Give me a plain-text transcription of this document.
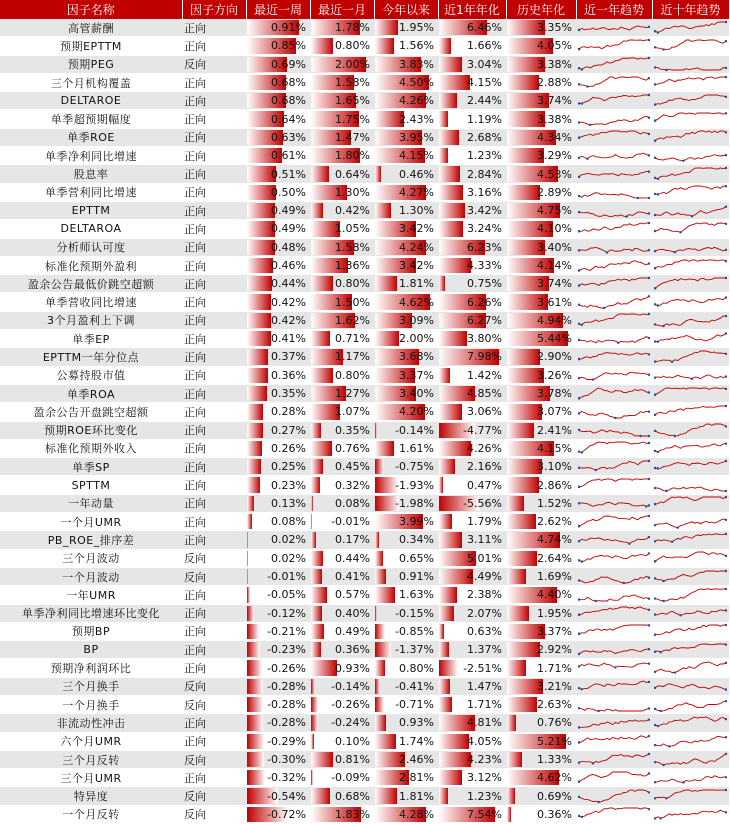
因子名称	因子方向	最近一周	最近一月	今年以来	近1年年化	历史年化	近一年趋势	近十年趋势
高管薪酬	正向	0.91%	1.78%	1.95%	6.46%	3.35%	

预期EPTTM	正向	0.85%	0.80%	1.56%	1.66%	4.05%	

预期PEG	反向	0.69%	2.00%	3.83%	3.04%	3.38%	

三个月机构覆盖	正向	0.68%	1.58%	4.50%	4.15%	2.88%	

DELTAROE	正向	0.68%	1.65%	4.26%	2.44%	3.74%	

单季超预期幅度	正向	0.64%	1.75%	2.43%	1.19%	3.38%	

单季ROE	正向	0.63%	1.47%	3.95%	2.68%	4.34%	

单季净利同比增速	正向	0.61%	1.80%	4.15%	1.23%	3.29%	

股息率	正向	0.51%	0.64%	0.46%	2.84%	4.53%	

单季营利同比增速	正向	0.50%	1.30%	4.27%	3.16%	2.89%	

EPTTM	正向	0.49%	0.42%	1.30%	3.42%	4.75%	

DELTAROA	正向	0.49%	1.05%	3.42%	3.24%	4.10%	

分析师认可度	正向	0.48%	1.58%	4.24%	6.23%	3.40%	

标准化预期外盈利	正向	0.46%	1.36%	3.42%	4.33%	4.14%	

盈余公告最低价跳空超额	正向	0.44%	0.80%	1.81%	0.75%	3.74%	

单季营收同比增速	正向	0.42%	1.50%	4.62%	6.26%	3.61%	

3个月盈利上下调	正向	0.42%	1.62%	3.09%	6.27%	4.94%	

单季EP	正向	0.41%	0.71%	2.00%	3.80%	5.44%	

EPTTM一年分位点	正向	0.37%	1.17%	3.68%	7.98%	2.90%	

公募持股市值	正向	0.36%	0.80%	3.37%	1.42%	3.26%	

单季ROA	正向	0.35%	1.27%	3.40%	4.85%	3.78%	

盈余公告开盘跳空超额	正向	0.28%	1.07%	4.20%	3.06%	3.07%	

预期ROE环比变化	正向	0.27%	0.35%	-0.14%	-4.77%	2.41%	

标准化预期外收入	正向	0.26%	0.76%	1.61%	4.26%	4.15%	

单季SP	正向	0.25%	0.45%	-0.75%	2.16%	3.10%	

SPTTM	正向	0.23%	0.32%	-1.93%	0.47%	2.86%	

一年动量	正向	0.13%	0.08%	-1.98%	-5.56%	1.52%	

一个月UMR	正向	0.08%	-0.01%	3.99%	1.79%	2.62%	

PB_ROE_排序差	正向	0.02%	0.17%	0.34%	3.11%	4.74%	

三个月波动	反向	0.02%	0.44%	0.65%	5.01%	2.64%	

一个月波动	反向	-0.01%	0.41%	0.91%	4.49%	1.69%	

一年UMR	正向	-0.05%	0.57%	1.63%	2.38%	4.40%	

单季净利同比增速环比变化	正向	-0.12%	0.40%	-0.15%	2.07%	1.95%	

预期BP	正向	-0.21%	0.49%	-0.85%	0.63%	3.37%	

BP	正向	-0.23%	0.36%	-1.37%	1.37%	2.92%	

预期净利润环比	正向	-0.26%	0.93%	0.80%	-2.51%	1.71%	

三个月换手	反向	-0.28%	-0.14%	-0.41%	1.47%	3.21%	

一个月换手	反向	-0.28%	-0.26%	-0.71%	1.71%	2.63%	

非流动性冲击	正向	-0.28%	-0.24%	0.93%	4.81%	0.76%	

六个月UMR	正向	-0.29%	0.10%	1.74%	4.05%	5.21%	

三个月反转	反向	-0.30%	0.81%	2.46%	4.23%	1.33%	

三个月UMR	正向	-0.32%	-0.09%	2.81%	3.12%	4.62%	

特异度	反向	-0.54%	0.68%	1.81%	1.23%	0.69%	

一个月反转	反向	-0.72%	1.83%	4.28%	7.54%	0.36%	
